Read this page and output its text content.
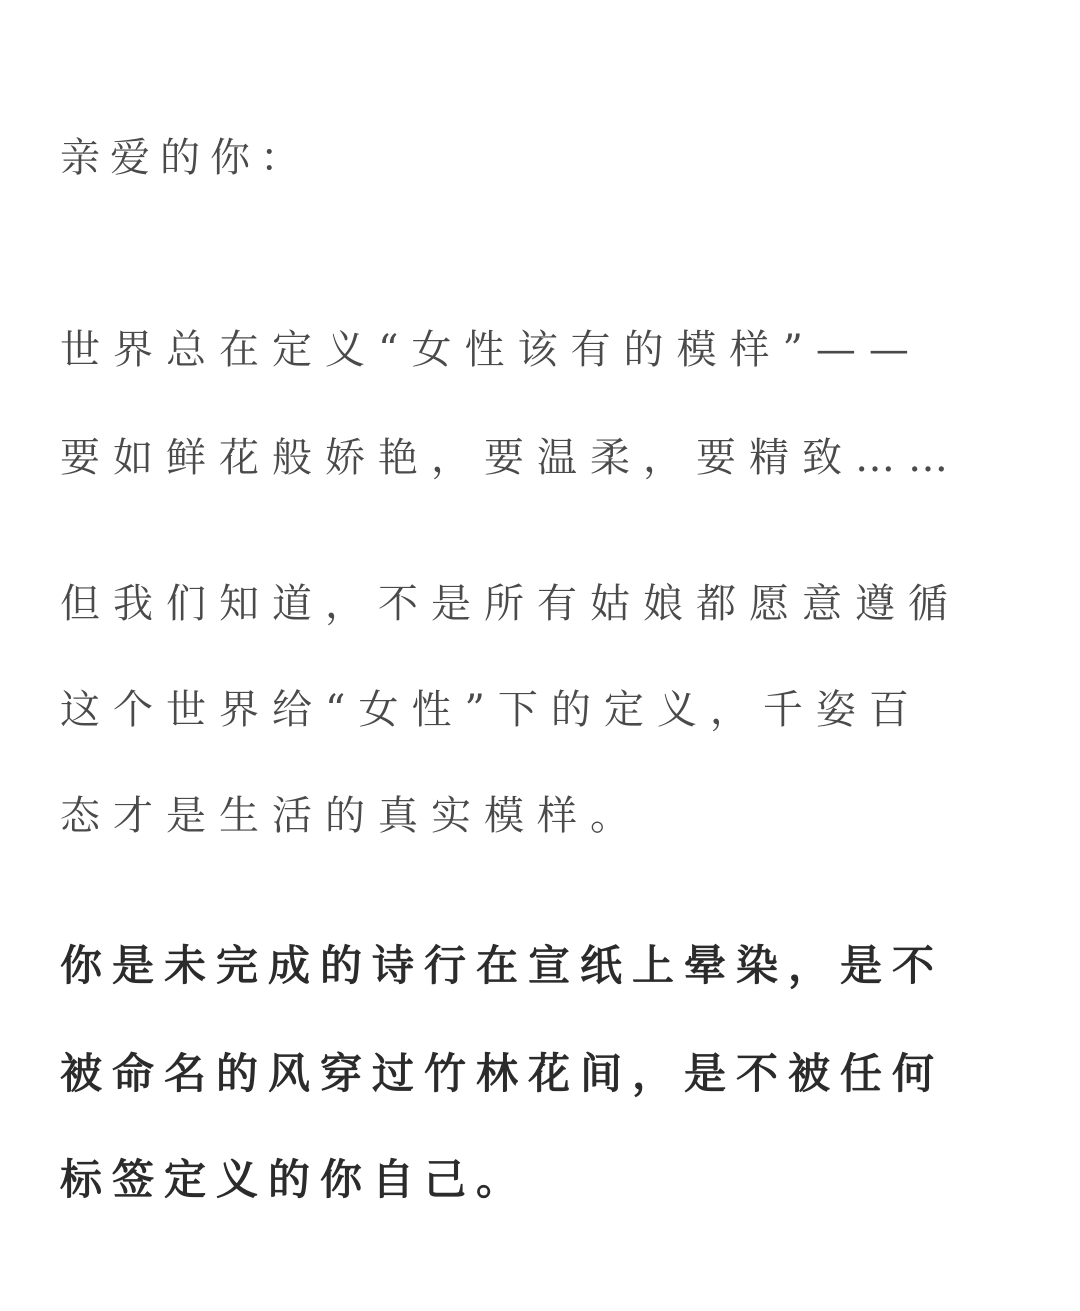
亲爱的你：

世界总在定义“女性该有的模样”——

要如鲜花般娇艳，要温柔，要精致……

但我们知道，不是所有姑娘都愿意遵循

这个世界给“女性”下的定义，千姿百

态才是生活的真实模样。

你是未完成的诗行在宣纸上晕染，是不

被命名的风穿过竹林花间，是不被任何

标签定义的你自己。
